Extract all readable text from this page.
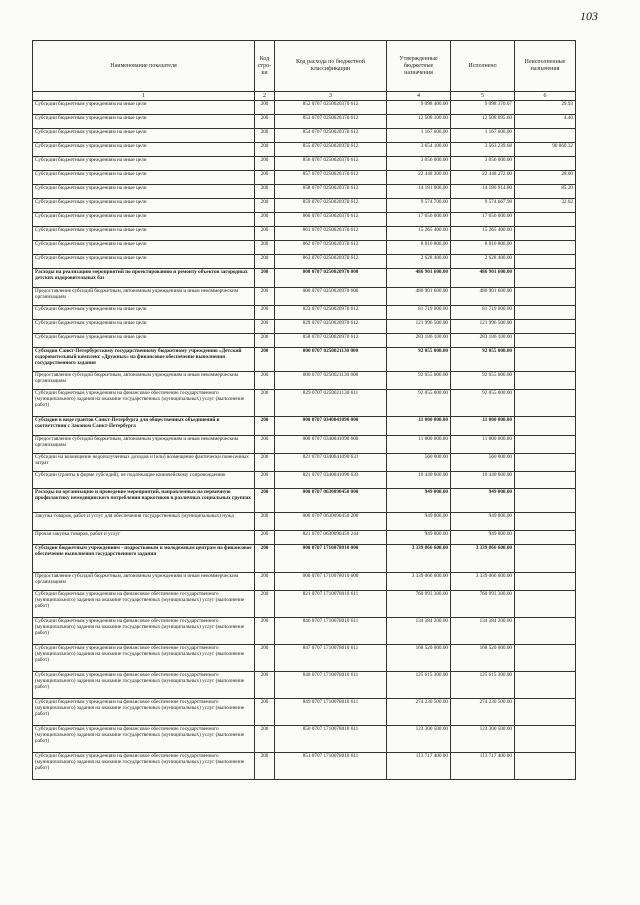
103
Наименование показателя	Код стро-ки	Код расхода по бюджетной классификации	Утвержденные бюджетные назначения	Исполнено	Неисполненные назначения
1	2	3	4	5	6
Субсидии бюджетным учреждениям на иные цели	200	852 0707 0250020370 612	9 098 400.00	9 098 370.07	29.93
Субсидии бюджетным учреждениям на иные цели	200	853 0707 0250020370 612	12 508 100.00	12 508 095.60	4.40
Субсидии бюджетным учреждениям на иные цели	200	854 0707 0250020370 612	1 167 600.00	1 167 600.00	
Субсидии бюджетным учреждениям на иные цели	200	855 0707 0250020370 612	3 654 100.00	3 563 239.68	90 860.32
Субсидии бюджетным учреждениям на иные цели	200	856 0707 0250020370 612	3 056 000.00	3 056 000.00	
Субсидии бюджетным учреждениям на иные цели	200	857 0707 0250020370 612	22 448 300.00	22 448 272.00	28.00
Субсидии бюджетным учреждениям на иные цели	200	858 0707 0250020370 612	14 181 000.00	14 180 914.80	85.20
Субсидии бюджетным учреждениям на иные цели	200	859 0707 0250020370 612	9 574 700.00	9 574 667.98	32.02
Субсидии бюджетным учреждениям на иные цели	200	860 0707 0250020370 612	17 656 000.00	17 656 000.00	
Субсидии бюджетным учреждениям на иные цели	200	861 0707 0250020370 612	15 265 400.00	15 265 400.00	
Субсидии бюджетным учреждениям на иные цели	200	862 0707 0250020370 612	8 816 800.00	8 816 800.00	
Субсидии бюджетным учреждениям на иные цели	200	863 0707 0250020370 612	2 628 400.00	2 628 400.00	
Расходы на реализацию мероприятий по проектированию и ремонту объектов загородных детских оздоровительных баз	200	000 0707 0250020970 000	486 901 600.00	486 901 600.00	
Предоставление субсидий бюджетным, автономным учреждениям и иным некоммерческим организациям	200	000 0707 0250020970 600	486 901 600.00	486 901 600.00	
Субсидии бюджетным учреждениям на иные цели	200	823 0707 0250020970 612	81 719 000.00	81 719 000.00	
Субсидии бюджетным учреждениям на иные цели	200	829 0707 0250020970 612	121 996 500.00	121 996 500.00	
Субсидии бюджетным учреждениям на иные цели	200	858 0707 0250020970 612	283 186 100.00	283 186 100.00	
Субсидия Санкт-Петербургскому государственному бюджетному учреждению «Детский оздоровительный комплекс «Дружных» на финансовое обеспечение выполнения государственного задания	200	000 0707 0250021130 000	92 055 000.00	92 055 000.00	
Предоставление субсидий бюджетным, автономным учреждениям и иным некоммерческим организациям	200	000 0707 0250021130 600	92 055 000.00	92 055 000.00	
Субсидии бюджетным учреждениям на финансовое обеспечение государственного (муниципального) задания на оказание государственных (муниципальных) услуг (выполнение работ)	200	829 0707 0250021130 611	92 055 000.00	92 055 000.00	
Субсидии в виде грантов Санкт-Петербурга для общественных объединений в соответствии с Законом Санкт-Петербурга	200	000 0707 0340041090 000	11 000 000.00	11 000 000.00	
Предоставление субсидий бюджетным, автономным учреждениям и иным некоммерческим организациям	200	000 0707 0340041090 600	11 000 000.00	11 000 000.00	
Субсидии на возмещение недополученных доходов и (или) возмещение фактически понесенных затрат	200	821 0707 0340041090 631	560 000.00	560 000.00	
Субсидии (гранты в форме субсидий), не подлежащие казначейскому сопровождению	200	821 0707 0340041090 633	10 440 000.00	10 440 000.00	
Расходы на организацию и проведение мероприятий, направленных на первичную профилактику немедицинского потребления наркотиков в различных социальных группах	200	000 0707 0630090450 000	949 000.00	949 000.00	
Закупка товаров, работ и услуг для обеспечения государственных (муниципальных) нужд	200	000 0707 0630090450 200	949 000.00	949 000.00	
Прочая закупка товаров, работ и услуг	200	821 0707 0630090450 244	949 000.00	949 000.00	
Субсидии бюджетным учреждениям - подростковым и молодежным центрам на финансовое обеспечение выполнения государственного задания	200	000 0707 1710078010 000	3 339 066 600.00	3 339 066 600.00	
Предоставление субсидий бюджетным, автономным учреждениям и иным некоммерческим организациям	200	000 0707 1710078010 600	3 339 066 600.00	3 339 066 600.00	
Субсидии бюджетным учреждениям на финансовое обеспечение государственного (муниципального) задания на оказание государственных (муниципальных) услуг (выполнение работ)	200	821 0707 1710078010 611	760 993 300.00	760 993 300.00	
Субсидии бюджетным учреждениям на финансовое обеспечение государственного (муниципального) задания на оказание государственных (муниципальных) услуг (выполнение работ)	200	846 0707 1710078010 611	134 384 200.00	134 384 200.00	
Субсидии бюджетным учреждениям на финансовое обеспечение государственного (муниципального) задания на оказание государственных (муниципальных) услуг (выполнение работ)	200	847 0707 1710078010 611	168 520 000.00	168 520 000.00	
Субсидии бюджетным учреждениям на финансовое обеспечение государственного (муниципального) задания на оказание государственных (муниципальных) услуг (выполнение работ)	200	848 0707 1710078010 611	125 615 300.00	125 615 300.00	
Субсидии бюджетным учреждениям на финансовое обеспечение государственного (муниципального) задания на оказание государственных (муниципальных) услуг (выполнение работ)	200	849 0707 1710078010 611	274 230 500.00	274 230 500.00	
Субсидии бюджетным учреждениям на финансовое обеспечение государственного (муниципального) задания на оказание государственных (муниципальных) услуг (выполнение работ)	200	850 0707 1710078010 611	123 300 500.00	123 300 500.00	
Субсидии бюджетным учреждениям на финансовое обеспечение государственного (муниципального) задания на оказание государственных (муниципальных) услуг (выполнение работ)	200	851 0707 1710078010 611	113 717 400.00	113 717 400.00	
